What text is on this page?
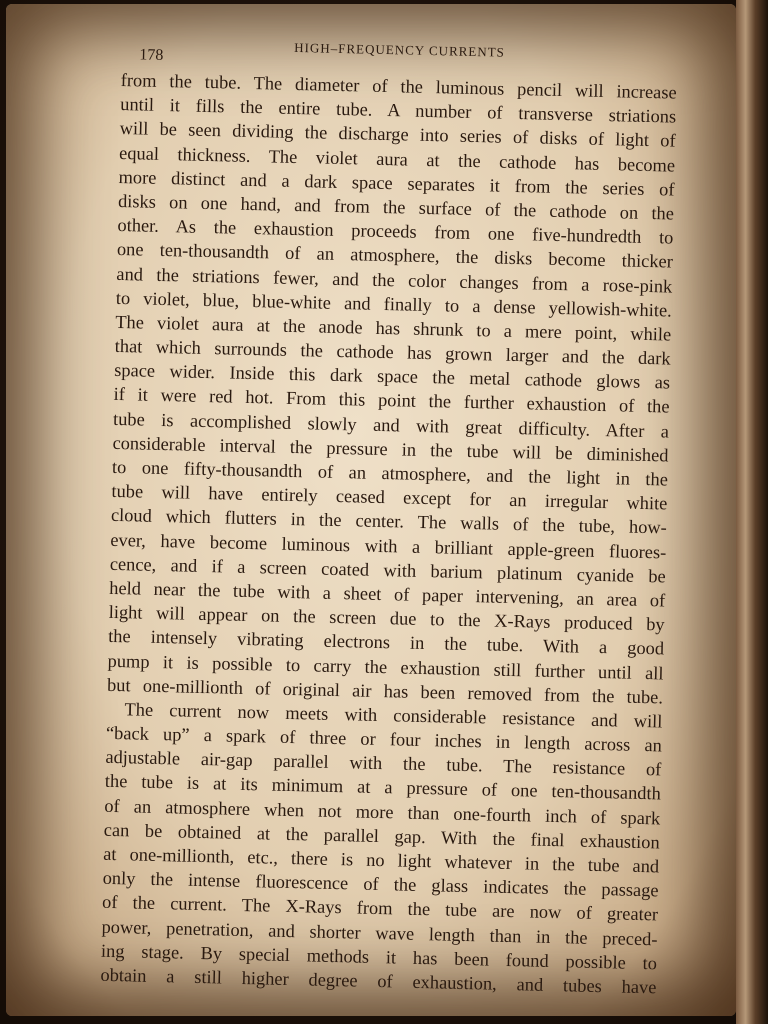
178	HIGH–FREQUENCY CURRENTS
from the tube. The diameter of the luminous pencil will increase
until it fills the entire tube. A number of transverse striations
will be seen dividing the discharge into series of disks of light of
equal thickness. The violet aura at the cathode has become
more distinct and a dark space separates it from the series of
disks on one hand, and from the surface of the cathode on the
other. As the exhaustion proceeds from one five-hundredth to
one ten-thousandth of an atmosphere, the disks become thicker
and the striations fewer, and the color changes from a rose-pink
to violet, blue, blue-white and finally to a dense yellowish-white.
The violet aura at the anode has shrunk to a mere point, while
that which surrounds the cathode has grown larger and the dark
space wider. Inside this dark space the metal cathode glows as
if it were red hot. From this point the further exhaustion of the
tube is accomplished slowly and with great difficulty. After a
considerable interval the pressure in the tube will be diminished
to one fifty-thousandth of an atmosphere, and the light in the
tube will have entirely ceased except for an irregular white
cloud which flutters in the center. The walls of the tube, how-
ever, have become luminous with a brilliant apple-green fluores-
cence, and if a screen coated with barium platinum cyanide be
held near the tube with a sheet of paper intervening, an area of
light will appear on the screen due to the X-Rays produced by
the intensely vibrating electrons in the tube. With a good
pump it is possible to carry the exhaustion still further until all
but one-millionth of original air has been removed from the tube.
The current now meets with considerable resistance and will
“back up” a spark of three or four inches in length across an
adjustable air-gap parallel with the tube. The resistance of
the tube is at its minimum at a pressure of one ten-thousandth
of an atmosphere when not more than one-fourth inch of spark
can be obtained at the parallel gap. With the final exhaustion
at one-millionth, etc., there is no light whatever in the tube and
only the intense fluorescence of the glass indicates the passage
of the current. The X-Rays from the tube are now of greater
power, penetration, and shorter wave length than in the preced-
ing stage. By special methods it has been found possible to
obtain a still higher degree of exhaustion, and tubes have
